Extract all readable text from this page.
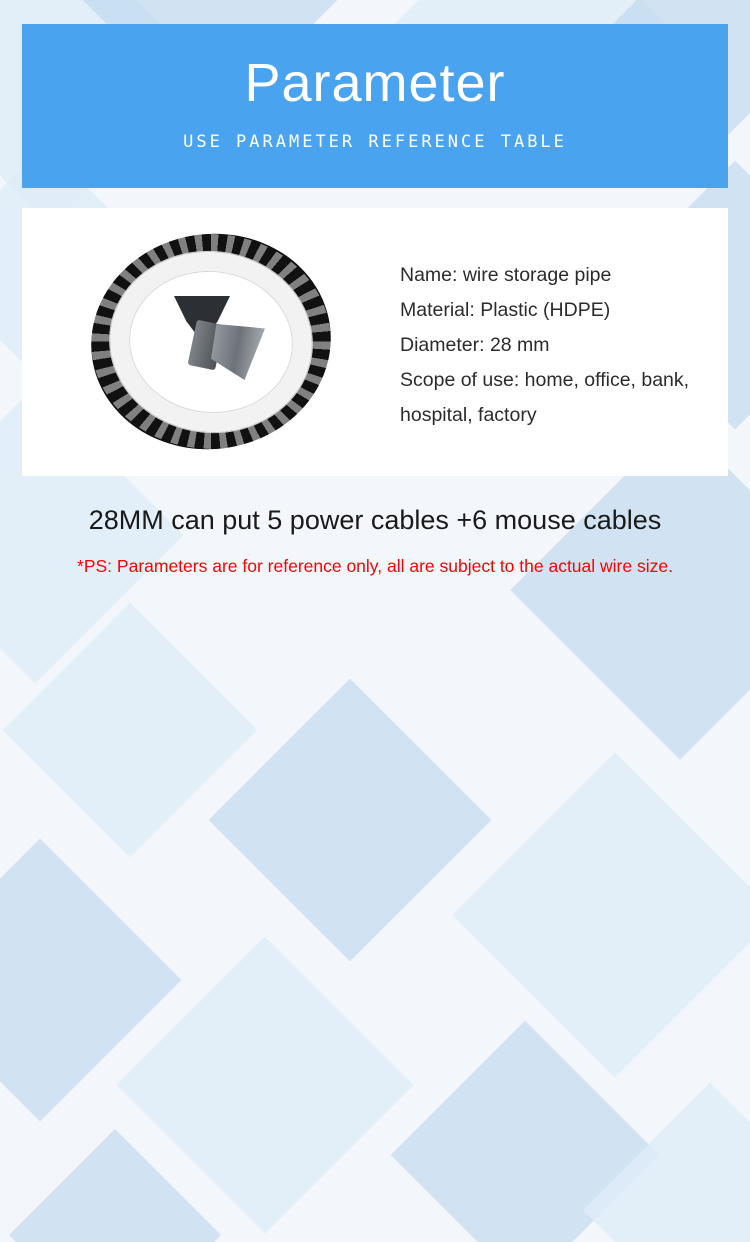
Parameter
USE PARAMETER REFERENCE TABLE
Name: wire storage pipe
Material: Plastic (HDPE)
Diameter: 28 mm
Scope of use: home, office, bank,
hospital, factory
28MM can put 5 power cables +6 mouse cables
*PS: Parameters are for reference only, all are subject to the actual wire size.
